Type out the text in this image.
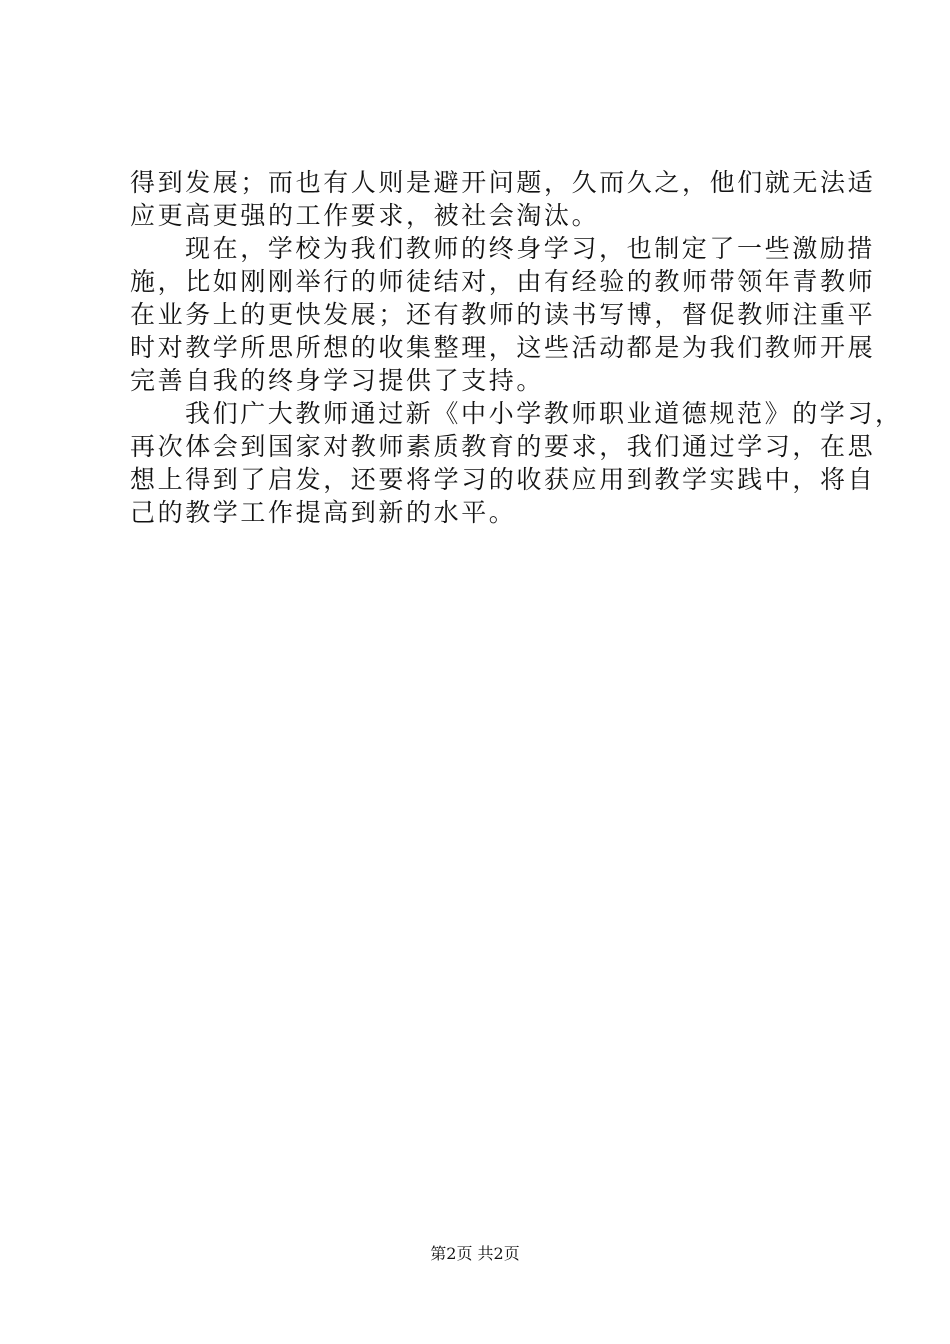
得到发展；而也有人则是避开问题，久而久之，他们就无法适
应更高更强的工作要求，被社会淘汰。
现在，学校为我们教师的终身学习，也制定了一些激励措
施，比如刚刚举行的师徒结对，由有经验的教师带领年青教师
在业务上的更快发展；还有教师的读书写博，督促教师注重平
时对教学所思所想的收集整理，这些活动都是为我们教师开展
完善自我的终身学习提供了支持。
我们广大教师通过新《中小学教师职业道德规范》的学习，
再次体会到国家对教师素质教育的要求，我们通过学习，在思
想上得到了启发，还要将学习的收获应用到教学实践中，将自
己的教学工作提高到新的水平。
第2页 共2页
